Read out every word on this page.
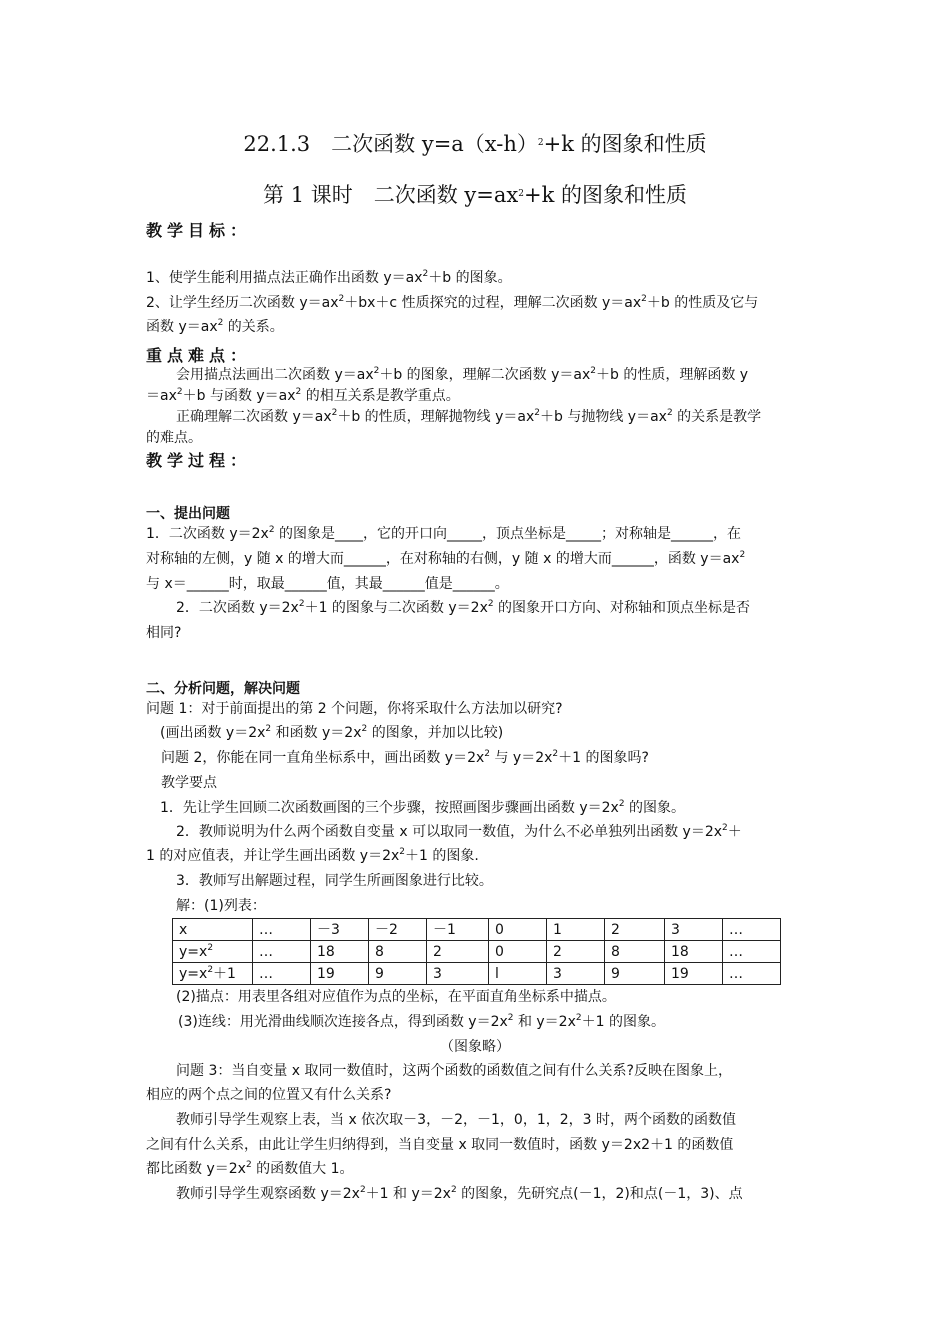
22.1.3　二次函数 $y=a(x-h)^2+k$ 的图象和性质
第 1 课时　二次函数 $y=ax^2+k$ 的图象和性质
教学目标：
1、使学生能利用描点法正确作出函数 $y=ax^2+b$ 的图象。
2、让学生经历二次函数 $y=ax^2+bx+c$ 性质探究的过程，理解二次函数 $y=ax^2+b$ 的性质及它与
函数 $y=ax^2$ 的关系。
重点难点：
会用描点法画出二次函数 $y=ax^2+b$ 的图象，理解二次函数 $y=ax^2+b$ 的性质，理解函数 y
$=ax^2+b$ 与函数 $y=ax^2$ 的相互关系是教学重点。
正确理解二次函数 $y=ax^2+b$ 的性质，理解抛物线 $y=ax^2+b$ 与抛物线 $y=ax^2$ 的关系是教学
的难点。
教学过程：
一、提出问题
1．二次函数 $y=2x^2$ 的图象是____，它的开口向_____，顶点坐标是_____；对称轴是______，在
对称轴的左侧，y 随 x 的增大而______，在对称轴的右侧，y 随 x 的增大而______，函数 $y=ax^2$
与 x＝______时，取最______值，其最______值是______。
2．二次函数 $y=2x^2+1$ 的图象与二次函数 $y=2x^2$ 的图象开口方向、对称轴和顶点坐标是否
相同?
二、分析问题，解决问题
问题 1：对于前面提出的第 2 个问题，你将采取什么方法加以研究?
(画出函数 $y=2x^2$ 和函数 $y=2x^2$ 的图象，并加以比较)
问题 2，你能在同一直角坐标系中，画出函数 $y=2x^2$ 与 $y=2x^2+1$ 的图象吗?
教学要点
1．先让学生回顾二次函数画图的三个步骤，按照画图步骤画出函数 $y=2x^2$ 的图象。
2．教师说明为什么两个函数自变量 x 可以取同一数值，为什么不必单独列出函数 $y=2x^2+$
1 的对应值表，并让学生画出函数 $y=2x^2+1$ 的图象.
3．教师写出解题过程，同学生所画图象进行比较。
解：(1)列表：
x	…	－3	－2	－1	0	1	2	3	…
$y=x^2$	…	18	8	2	0	2	8	18	…
$y=x^2+1$	…	19	9	3	l	3	9	19	…
(2)描点：用表里各组对应值作为点的坐标，在平面直角坐标系中描点。
(3)连线：用光滑曲线顺次连接各点，得到函数 $y=2x^2$ 和 $y=2x^2+1$ 的图象。
（图象略）
问题 3：当自变量 x 取同一数值时，这两个函数的函数值之间有什么关系?反映在图象上，
相应的两个点之间的位置又有什么关系?
教师引导学生观察上表，当 x 依次取－3，－2，－1，0，1，2，3 时，两个函数的函数值
之间有什么关系，由此让学生归纳得到，当自变量 x 取同一数值时，函数 y＝2x2＋1 的函数值
都比函数 $y=2x^2$ 的函数值大 1。
教师引导学生观察函数 $y=2x^2+1$ 和 $y=2x^2$ 的图象，先研究点(－1，2)和点(－1，3)、点
